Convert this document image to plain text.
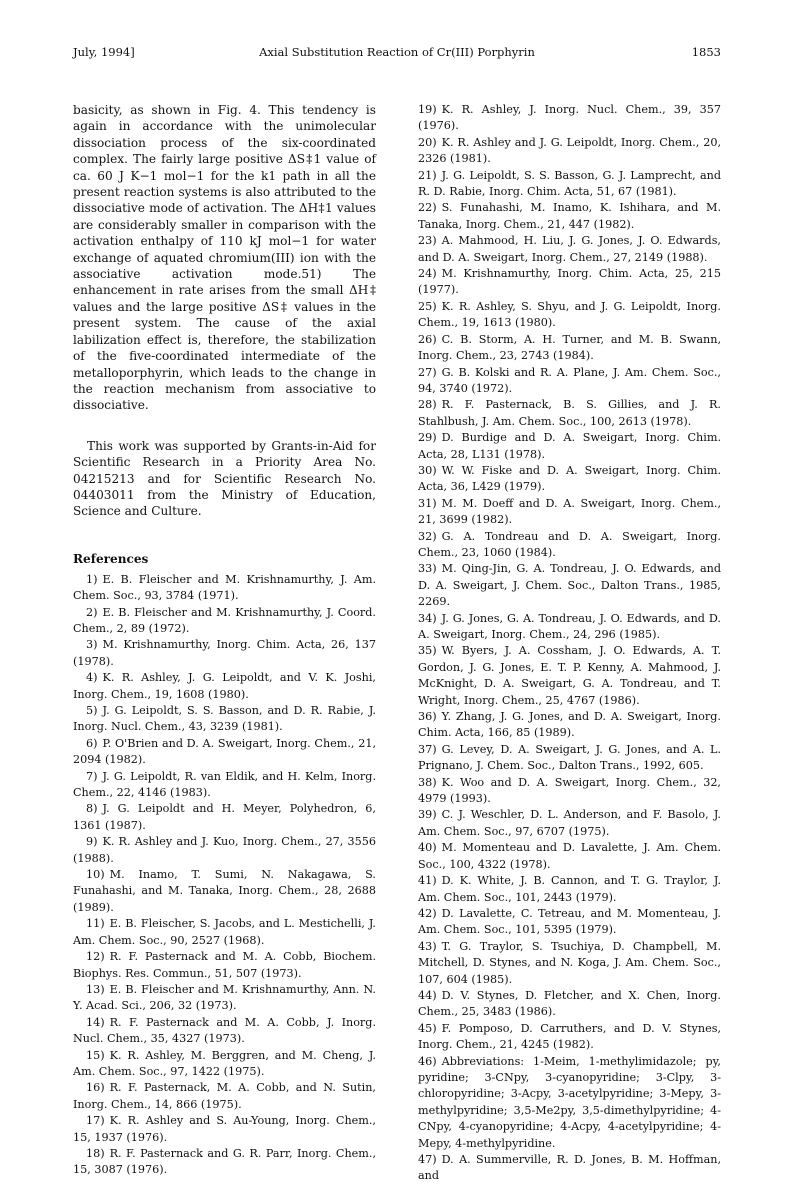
July, 1994]	Axial Substitution Reaction of Cr(III) Porphyrin	1853

basicity, as shown in Fig. 4. This tendency is again in accordance with the unimolecular dissociation process of the six-coordinated complex. The fairly large positive ΔS‡1 value of ca. 60 J K−1 mol−1 for the k1 path in all the present reaction systems is also attributed to the dissociative mode of activation. The ΔH‡1 values are considerably smaller in comparison with the activation enthalpy of 110 kJ mol−1 for water exchange of aquated chromium(III) ion with the associative activation mode.51) The enhancement in rate arises from the small ΔH‡ values and the large positive ΔS‡ values in the present system. The cause of the axial labilization effect is, therefore, the stabilization of the five-coordinated intermediate of the metalloporphyrin, which leads to the change in the reaction mechanism from associative to dissociative.

This work was supported by Grants-in-Aid for Scientific Research in a Priority Area No. 04215213 and for Scientific Research No. 04403011 from the Ministry of Education, Science and Culture.

References
1) E. B. Fleischer and M. Krishnamurthy, J. Am. Chem. Soc., 93, 3784 (1971).
2) E. B. Fleischer and M. Krishnamurthy, J. Coord. Chem., 2, 89 (1972).
3) M. Krishnamurthy, Inorg. Chim. Acta, 26, 137 (1978).
4) K. R. Ashley, J. G. Leipoldt, and V. K. Joshi, Inorg. Chem., 19, 1608 (1980).
5) J. G. Leipoldt, S. S. Basson, and D. R. Rabie, J. Inorg. Nucl. Chem., 43, 3239 (1981).
6) P. O'Brien and D. A. Sweigart, Inorg. Chem., 21, 2094 (1982).
7) J. G. Leipoldt, R. van Eldik, and H. Kelm, Inorg. Chem., 22, 4146 (1983).
8) J. G. Leipoldt and H. Meyer, Polyhedron, 6, 1361 (1987).
9) K. R. Ashley and J. Kuo, Inorg. Chem., 27, 3556 (1988).
10) M. Inamo, T. Sumi, N. Nakagawa, S. Funahashi, and M. Tanaka, Inorg. Chem., 28, 2688 (1989).
11) E. B. Fleischer, S. Jacobs, and L. Mestichelli, J. Am. Chem. Soc., 90, 2527 (1968).
12) R. F. Pasternack and M. A. Cobb, Biochem. Biophys. Res. Commun., 51, 507 (1973).
13) E. B. Fleischer and M. Krishnamurthy, Ann. N. Y. Acad. Sci., 206, 32 (1973).
14) R. F. Pasternack and M. A. Cobb, J. Inorg. Nucl. Chem., 35, 4327 (1973).
15) K. R. Ashley, M. Berggren, and M. Cheng, J. Am. Chem. Soc., 97, 1422 (1975).
16) R. F. Pasternack, M. A. Cobb, and N. Sutin, Inorg. Chem., 14, 866 (1975).
17) K. R. Ashley and S. Au-Young, Inorg. Chem., 15, 1937 (1976).
18) R. F. Pasternack and G. R. Parr, Inorg. Chem., 15, 3087 (1976).
19) K. R. Ashley, J. Inorg. Nucl. Chem., 39, 357 (1976).
20) K. R. Ashley and J. G. Leipoldt, Inorg. Chem., 20, 2326 (1981).
21) J. G. Leipoldt, S. S. Basson, G. J. Lamprecht, and R. D. Rabie, Inorg. Chim. Acta, 51, 67 (1981).
22) S. Funahashi, M. Inamo, K. Ishihara, and M. Tanaka, Inorg. Chem., 21, 447 (1982).
23) A. Mahmood, H. Liu, J. G. Jones, J. O. Edwards, and D. A. Sweigart, Inorg. Chem., 27, 2149 (1988).
24) M. Krishnamurthy, Inorg. Chim. Acta, 25, 215 (1977).
25) K. R. Ashley, S. Shyu, and J. G. Leipoldt, Inorg. Chem., 19, 1613 (1980).
26) C. B. Storm, A. H. Turner, and M. B. Swann, Inorg. Chem., 23, 2743 (1984).
27) G. B. Kolski and R. A. Plane, J. Am. Chem. Soc., 94, 3740 (1972).
28) R. F. Pasternack, B. S. Gillies, and J. R. Stahlbush, J. Am. Chem. Soc., 100, 2613 (1978).
29) D. Burdige and D. A. Sweigart, Inorg. Chim. Acta, 28, L131 (1978).
30) W. W. Fiske and D. A. Sweigart, Inorg. Chim. Acta, 36, L429 (1979).
31) M. M. Doeff and D. A. Sweigart, Inorg. Chem., 21, 3699 (1982).
32) G. A. Tondreau and D. A. Sweigart, Inorg. Chem., 23, 1060 (1984).
33) M. Qing-Jin, G. A. Tondreau, J. O. Edwards, and D. A. Sweigart, J. Chem. Soc., Dalton Trans., 1985, 2269.
34) J. G. Jones, G. A. Tondreau, J. O. Edwards, and D. A. Sweigart, Inorg. Chem., 24, 296 (1985).
35) W. Byers, J. A. Cossham, J. O. Edwards, A. T. Gordon, J. G. Jones, E. T. P. Kenny, A. Mahmood, J. McKnight, D. A. Sweigart, G. A. Tondreau, and T. Wright, Inorg. Chem., 25, 4767 (1986).
36) Y. Zhang, J. G. Jones, and D. A. Sweigart, Inorg. Chim. Acta, 166, 85 (1989).
37) G. Levey, D. A. Sweigart, J. G. Jones, and A. L. Prignano, J. Chem. Soc., Dalton Trans., 1992, 605.
38) K. Woo and D. A. Sweigart, Inorg. Chem., 32, 4979 (1993).
39) C. J. Weschler, D. L. Anderson, and F. Basolo, J. Am. Chem. Soc., 97, 6707 (1975).
40) M. Momenteau and D. Lavalette, J. Am. Chem. Soc., 100, 4322 (1978).
41) D. K. White, J. B. Cannon, and T. G. Traylor, J. Am. Chem. Soc., 101, 2443 (1979).
42) D. Lavalette, C. Tetreau, and M. Momenteau, J. Am. Chem. Soc., 101, 5395 (1979).
43) T. G. Traylor, S. Tsuchiya, D. Champbell, M. Mitchell, D. Stynes, and N. Koga, J. Am. Chem. Soc., 107, 604 (1985).
44) D. V. Stynes, D. Fletcher, and X. Chen, Inorg. Chem., 25, 3483 (1986).
45) F. Pomposo, D. Carruthers, and D. V. Stynes, Inorg. Chem., 21, 4245 (1982).
46) Abbreviations: 1-Meim, 1-methylimidazole; py, pyridine; 3-CNpy, 3-cyanopyridine; 3-Clpy, 3-chloropyridine; 3-Acpy, 3-acetylpyridine; 3-Mepy, 3-methylpyridine; 3,5-Me2py, 3,5-dimethylpyridine; 4-CNpy, 4-cyanopyridine; 4-Acpy, 4-acetylpyridine; 4-Mepy, 4-methylpyridine.
47) D. A. Summerville, R. D. Jones, B. M. Hoffman, and
